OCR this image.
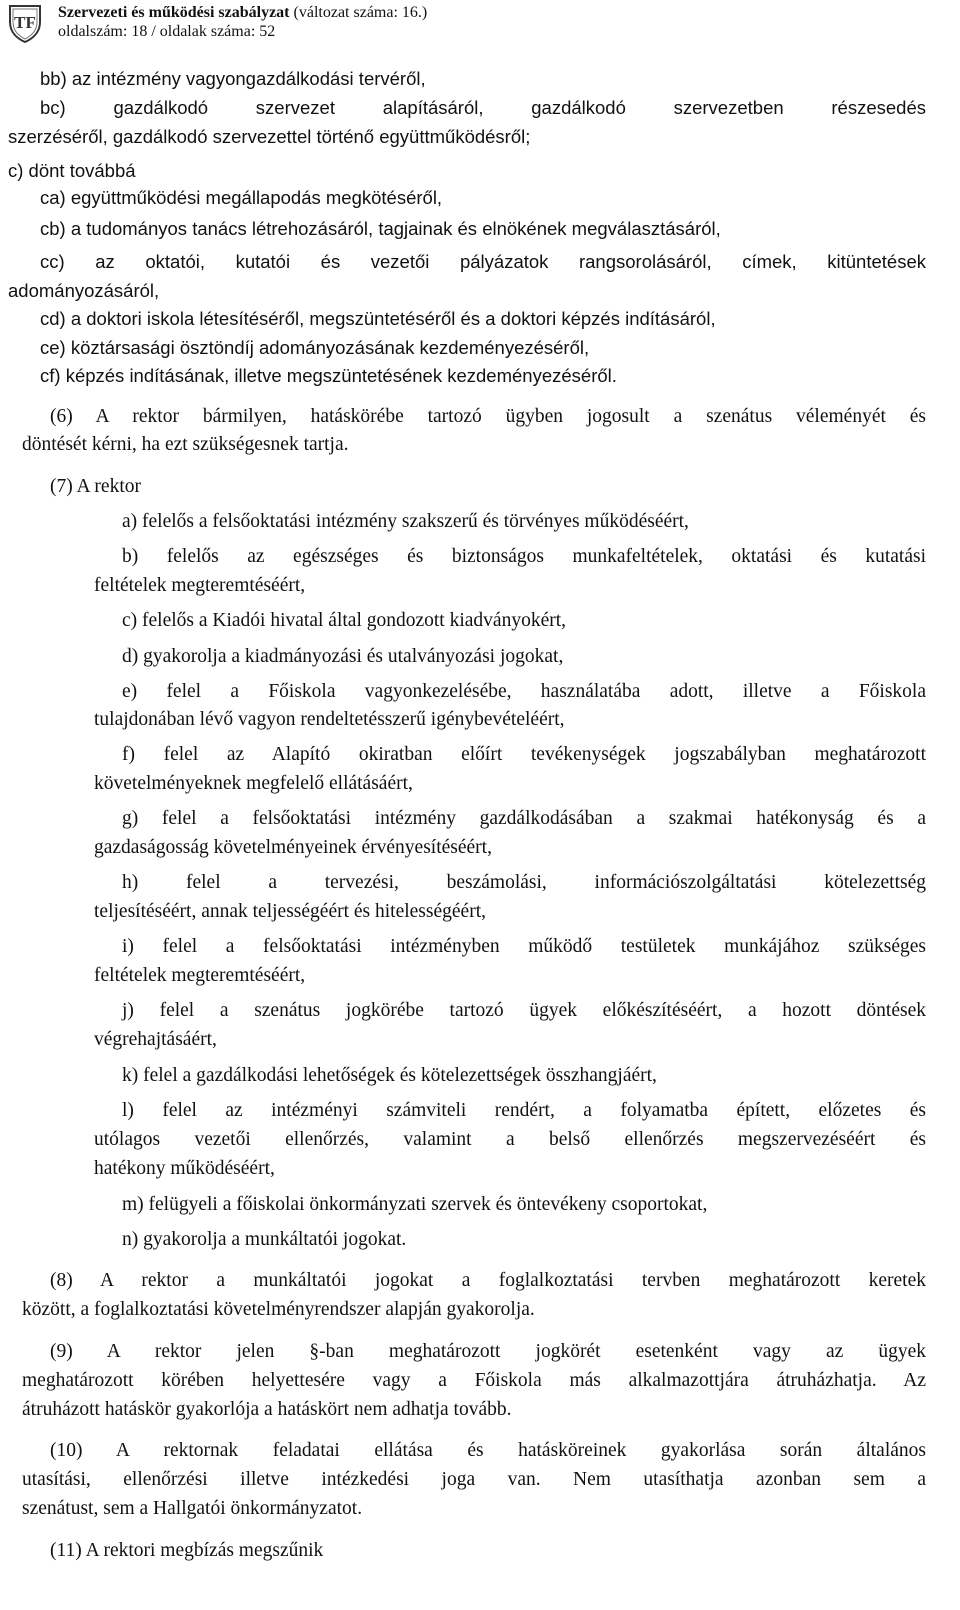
TF
Szervezeti és működési szabályzat (változat száma: 16.)
oldalszám: 18 / oldalak száma: 52
bb) az intézmény vagyongazdálkodási tervéről,
bc) gazdálkodó szervezet alapításáról, gazdálkodó szervezetben részesedés
szerzéséről, gazdálkodó szervezettel történő együttműködésről;
c) dönt továbbá
ca) együttműködési megállapodás megkötéséről,
cb) a tudományos tanács létrehozásáról, tagjainak és elnökének megválasztásáról,
cc) az oktatói, kutatói és vezetői pályázatok rangsorolásáról, címek, kitüntetések
adományozásáról,
cd) a doktori iskola létesítéséről, megszüntetéséről és a doktori képzés indításáról,
ce) köztársasági ösztöndíj adományozásának kezdeményezéséről,
cf) képzés indításának, illetve megszüntetésének kezdeményezéséről.
(6) A rektor bármilyen, hatáskörébe tartozó ügyben jogosult a szenátus véleményét és
döntését kérni, ha ezt szükségesnek tartja.
(7) A rektor
a) felelős a felsőoktatási intézmény szakszerű és törvényes működéséért,
b) felelős az egészséges és biztonságos munkafeltételek, oktatási és kutatási
feltételek megteremtéséért,
c) felelős a Kiadói hivatal által gondozott kiadványokért,
d) gyakorolja a kiadmányozási és utalványozási jogokat,
e) felel a Főiskola vagyonkezelésébe, használatába adott, illetve a Főiskola
tulajdonában lévő vagyon rendeltetésszerű igénybevételéért,
f) felel az Alapító okiratban előírt tevékenységek jogszabályban meghatározott
követelményeknek megfelelő ellátásáért,
g) felel a felsőoktatási intézmény gazdálkodásában a szakmai hatékonyság és a
gazdaságosság követelményeinek érvényesítéséért,
h) felel a tervezési, beszámolási, információszolgáltatási kötelezettség
teljesítéséért, annak teljességéért és hitelességéért,
i) felel a felsőoktatási intézményben működő testületek munkájához szükséges
feltételek megteremtéséért,
j) felel a szenátus jogkörébe tartozó ügyek előkészítéséért, a hozott döntések
végrehajtásáért,
k) felel a gazdálkodási lehetőségek és kötelezettségek összhangjáért,
l) felel az intézményi számviteli rendért, a folyamatba épített, előzetes és
utólagos vezetői ellenőrzés, valamint a belső ellenőrzés megszervezéséért és
hatékony működéséért,
m) felügyeli a főiskolai önkormányzati szervek és öntevékeny csoportokat,
n) gyakorolja a munkáltatói jogokat.
(8) A rektor a munkáltatói jogokat a foglalkoztatási tervben meghatározott keretek
között, a foglalkoztatási követelményrendszer alapján gyakorolja.
(9) A rektor jelen §-ban meghatározott jogkörét esetenként vagy az ügyek
meghatározott körében helyettesére vagy a Főiskola más alkalmazottjára átruházhatja. Az
átruházott hatáskör gyakorlója a hatáskört nem adhatja tovább.
(10) A rektornak feladatai ellátása és hatásköreinek gyakorlása során általános
utasítási, ellenőrzési illetve intézkedési joga van. Nem utasíthatja azonban sem a
szenátust, sem a Hallgatói önkormányzatot.
(11) A rektori megbízás megszűnik
